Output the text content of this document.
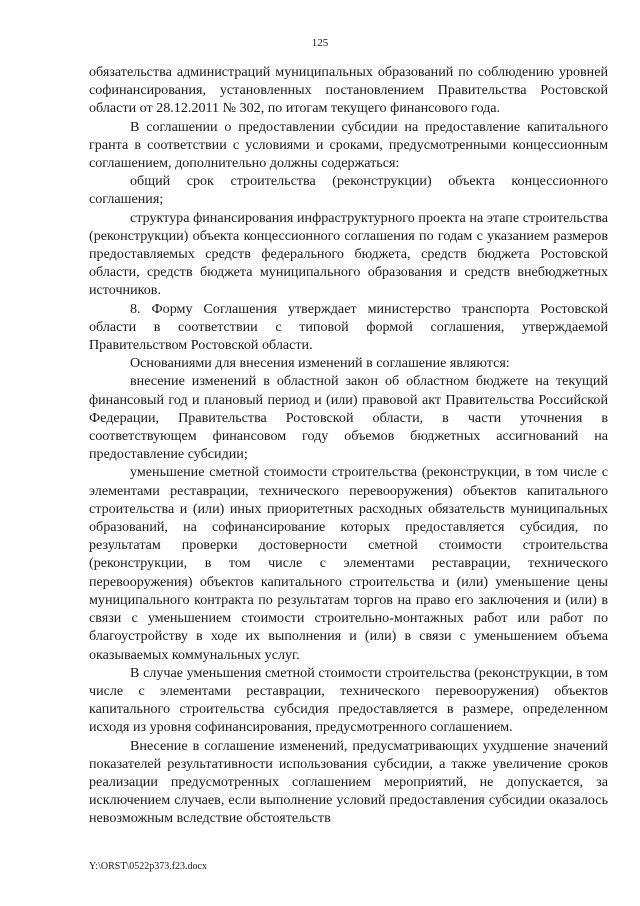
125

обязательства администраций муниципальных образований по соблюдению уровней софинансирования, установленных постановлением Правительства Ростовской области от 28.12.2011 № 302, по итогам текущего финансового года.

В соглашении о предоставлении субсидии на предоставление капитального гранта в соответствии с условиями и сроками, предусмотренными концессионным соглашением, дополнительно должны содержаться:

общий срок строительства (реконструкции) объекта концессионного соглашения;

структура финансирования инфраструктурного проекта на этапе строительства (реконструкции) объекта концессионного соглашения по годам с указанием размеров предоставляемых средств федерального бюджета, средств бюджета Ростовской области, средств бюджета муниципального образования и средств внебюджетных источников.

8. Форму Соглашения утверждает министерство транспорта Ростовской области в соответствии с типовой формой соглашения, утверждаемой Правительством Ростовской области.

Основаниями для внесения изменений в соглашение являются:

внесение изменений в областной закон об областном бюджете на текущий финансовый год и плановый период и (или) правовой акт Правительства Российской Федерации, Правительства Ростовской области, в части уточнения в соответствующем финансовом году объемов бюджетных ассигнований на предоставление субсидии;

уменьшение сметной стоимости строительства (реконструкции, в том числе с элементами реставрации, технического перевооружения) объектов капитального строительства и (или) иных приоритетных расходных обязательств муниципальных образований, на софинансирование которых предоставляется субсидия, по результатам проверки достоверности сметной стоимости строительства (реконструкции, в том числе с элементами реставрации, технического перевооружения) объектов капитального строительства и (или) уменьшение цены муниципального контракта по результатам торгов на право его заключения и (или) в связи с уменьшением стоимости строительно-монтажных работ или работ по благоустройству в ходе их выполнения и (или) в связи с уменьшением объема оказываемых коммунальных услуг.

В случае уменьшения сметной стоимости строительства (реконструкции, в том числе с элементами реставрации, технического перевооружения) объектов капитального строительства субсидия предоставляется в размере, определенном исходя из уровня софинансирования, предусмотренного соглашением.

Внесение в соглашение изменений, предусматривающих ухудшение значений показателей результативности использования субсидии, а также увеличение сроков реализации предусмотренных соглашением мероприятий, не допускается, за исключением случаев, если выполнение условий предоставления субсидии оказалось невозможным вследствие обстоятельств

Y:\ORST\0522p373.f23.docx
